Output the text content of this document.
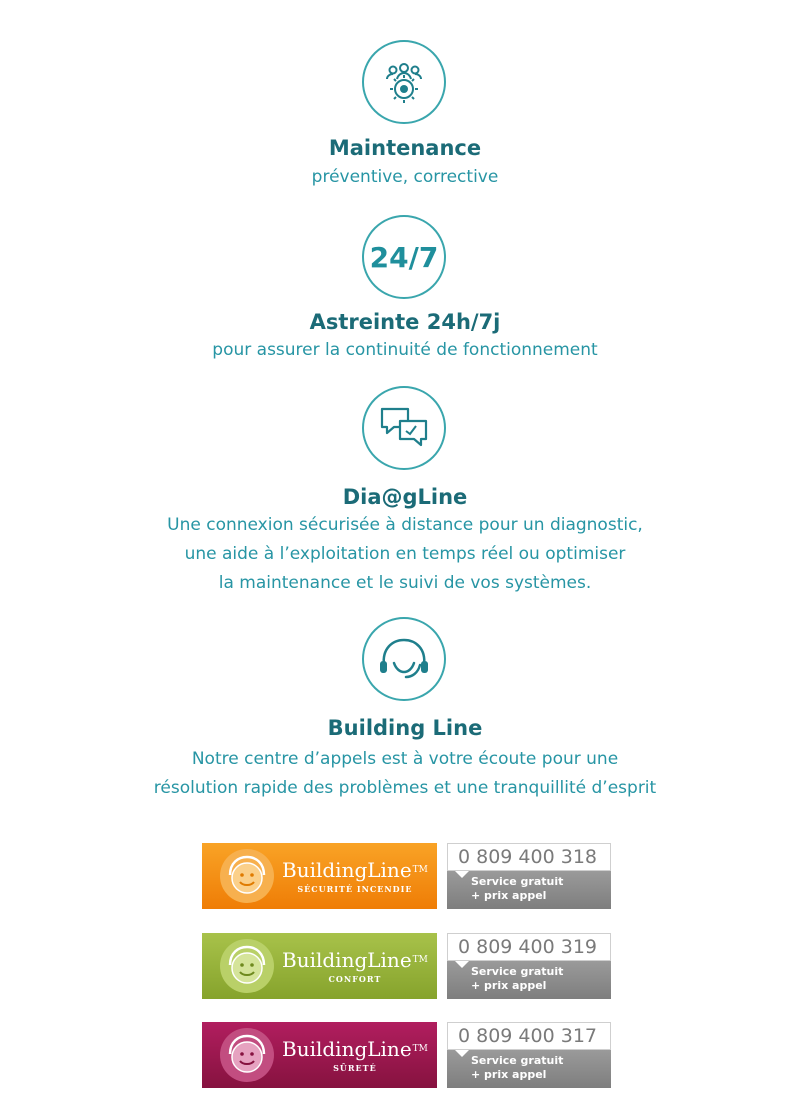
Maintenance
préventive, corrective
24/7
Astreinte 24h/7j
pour assurer la continuité de fonctionnement
Dia@gLine
Une connexion sécurisée à distance pour un diagnostic,
une aide à l’exploitation en temps réel ou optimiser
la maintenance et le suivi de vos systèmes.
Building Line
Notre centre d’appels est à votre écoute pour une
résolution rapide des problèmes et une tranquillité d’esprit
BuildingLine™
SÉCURITÉ INCENDIE
0 809 400 318
Service gratuit
+ prix appel
BuildingLine™
CONFORT
0 809 400 319
Service gratuit
+ prix appel
BuildingLine™
SÛRETÉ
0 809 400 317
Service gratuit
+ prix appel
